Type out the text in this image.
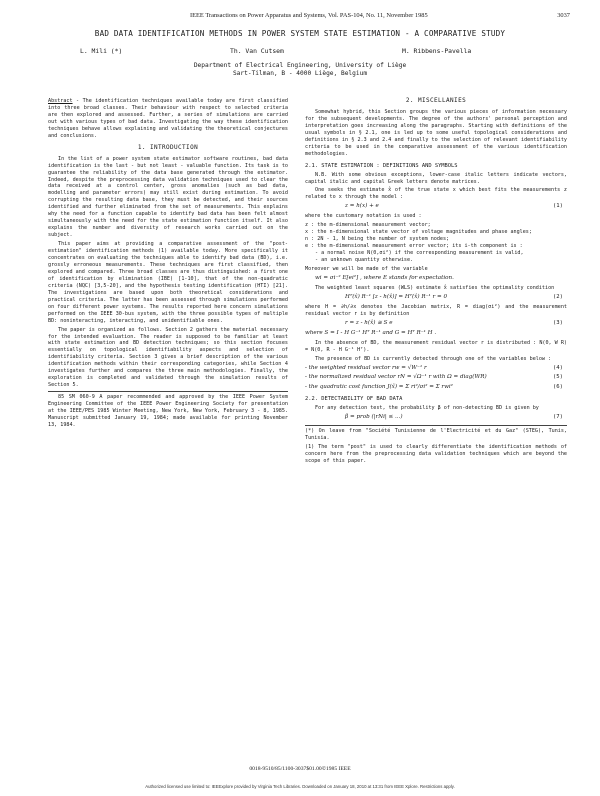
IEEE Transactions on Power Apparatus and Systems, Vol. PAS-104, No. 11, November 1985	3037
BAD DATA IDENTIFICATION METHODS IN POWER SYSTEM STATE ESTIMATION - A COMPARATIVE STUDY
L. Mili (*)	Th. Van Cutsem	M. Ribbens-Pavella
Department of Electrical Engineering, University of Liège
Sart-Tilman, B - 4000 Liège, Belgium

Abstract - The identification techniques available today are first classified into three broad classes. Their behaviour with respect to selected criteria are then explored and assessed. Further, a series of simulations are carried out with various types of bad data. Investigating the way these identification techniques behave allows explaining and validating the theoretical conjectures and conclusions.

1. INTRODUCTION

In the list of a power system state estimator software routines, bad data identification is the last - but not least - valuable function. Its task is to guarantee the reliability of the data base generated through the estimator. Indeed, despite the preprocessing data validation techniques used to clear the data received at a control center, gross anomalies (such as bad data, modelling and parameter errors) may still exist during estimation. To avoid corrupting the resulting data base, they must be detected, and their sources identified and further eliminated from the set of measurements. This explains why the need for a function capable to identify bad data has been felt almost simultaneously with the need for the state estimation function itself. It also explains the number and diversity of research works carried out on the subject.

This paper aims at providing a comparative assessment of the "post-estimation" identification methods (1) available today. More specifically it concentrates on evaluating the techniques able to identify bad data (BD), i.e. grossly erroneous measurements. These techniques are first classified, then explored and compared. Three broad classes are thus distinguished: a first one of identification by elimination (IBE) [1-10], that of the non-quadratic criteria (NQC) [3,5-20], and the hypothesis testing identification (HTI) [21]. The investigations are based upon both theoretical considerations and practical criteria. The latter has been assessed through simulations performed on four different power systems. The results reported here concern simulations performed on the IEEE 30-bus system, with the three possible types of multiple BD: noninteracting, interacting, and unidentifiable ones.

The paper is organized as follows. Section 2 gathers the material necessary for the intended evaluation. The reader is supposed to be familiar at least with state estimation and BD detection techniques; so this section focuses essentially on topological identifiability aspects and selection of identifiability criteria. Section 3 gives a brief description of the various identification methods within their corresponding categories, while Section 4 investigates further and compares the three main methodologies. Finally, the exploration is completed and validated through the simulation results of Section 5.

85 SM 060-9 A paper recommended and approved by the IEEE Power System Engineering Committee of the IEEE Power Engineering Society for presentation at the IEEE/PES 1985 Winter Meeting, New York, New York, February 3 - 8, 1985. Manuscript submitted January 19, 1984; made available for printing November 13, 1984.

2. MISCELLANIES

Somewhat hybrid, this Section groups the various pieces of information necessary for the subsequent developments. The degree of the authors' personal perception and interpretation goes increasing along the paragraphs. Starting with definitions of the usual symbols in § 2.1, one is led up to some useful topological considerations and definitions in § 2.3 and 2.4 and finally to the selection of relevant identifiability criteria to be used in the comparative assessment of the various identification methodologies.

2.1. STATE ESTIMATION : DEFINITIONS AND SYMBOLS

N.B. With some obvious exceptions, lower-case italic letters indicate vectors, capital italic and capital Greek letters denote matrices.

One seeks the estimate x̂ of the true state x which best fits the measurements z related to x through the model :

z = h(x) + e	(1)

where the customary notation is used :

z : the m-dimensional measurement vector;
x : the n-dimensional state vector of voltage magnitudes and phase angles;
n : 2N - 1, N being the number of system nodes;
e : the m-dimensional measurement error vector; its i-th component is :
- a normal noise N(0,σi²) if the corresponding measurement is valid,
- an unknown quantity otherwise.

Moreover we will be made of the variable

wi = σi⁻² E[ei²] , where E stands for expectation.

The weighted least squares (WLS) estimate x̂ satisfies the optimality condition

Hᵀ(x̂) R⁻¹ [z - h(x̂)] = Hᵀ(x̂) R⁻¹ r = 0	(2)

where H = ∂h/∂x denotes the Jacobian matrix, R = diag(σi²) and the measurement residual vector r is by definition

r = z - h(x̂) ≅ S e	(3)
where S = I - H G⁻¹ Hᵀ R⁻¹ and G = Hᵀ R⁻¹ H .

In the absence of BD, the measurement residual vector r is distributed : N(0, W R) = N(0, R - H G⁻¹ Hᵀ).

The presence of BD is currently detected through one of the variables below :

- the weighted residual vector rw = √W⁻¹ r	(4)
- the normalized residual vector rN = √Ω⁻¹ r with Ω = diag(WR)	(5)
- the quadratic cost function J(x̂) = Σ ri²/σi² = Σ rwi²	(6)
2.2. DETECTABILITY OF BAD DATA

For any detection test, the probability β of non-detecting BD is given by

β = prob (|rNi| ≤ ...)	(7)

(*) On leave from "Société Tunisienne de l'Electricité et du Gaz" (STEG), Tunis, Tunisia.

(1) The term "post" is used to clearly differentiate the identification methods of concern here from the preprocessing data validation techniques which are beyond the scope of this paper.

0018-9510/85/1100-3037$01.00©1985 IEEE
Authorized licensed use limited to: IEEExplore provided by Virginia Tech Libraries. Downloaded on January 18, 2010 at 13:31 from IEEE Xplore. Restrictions apply.
